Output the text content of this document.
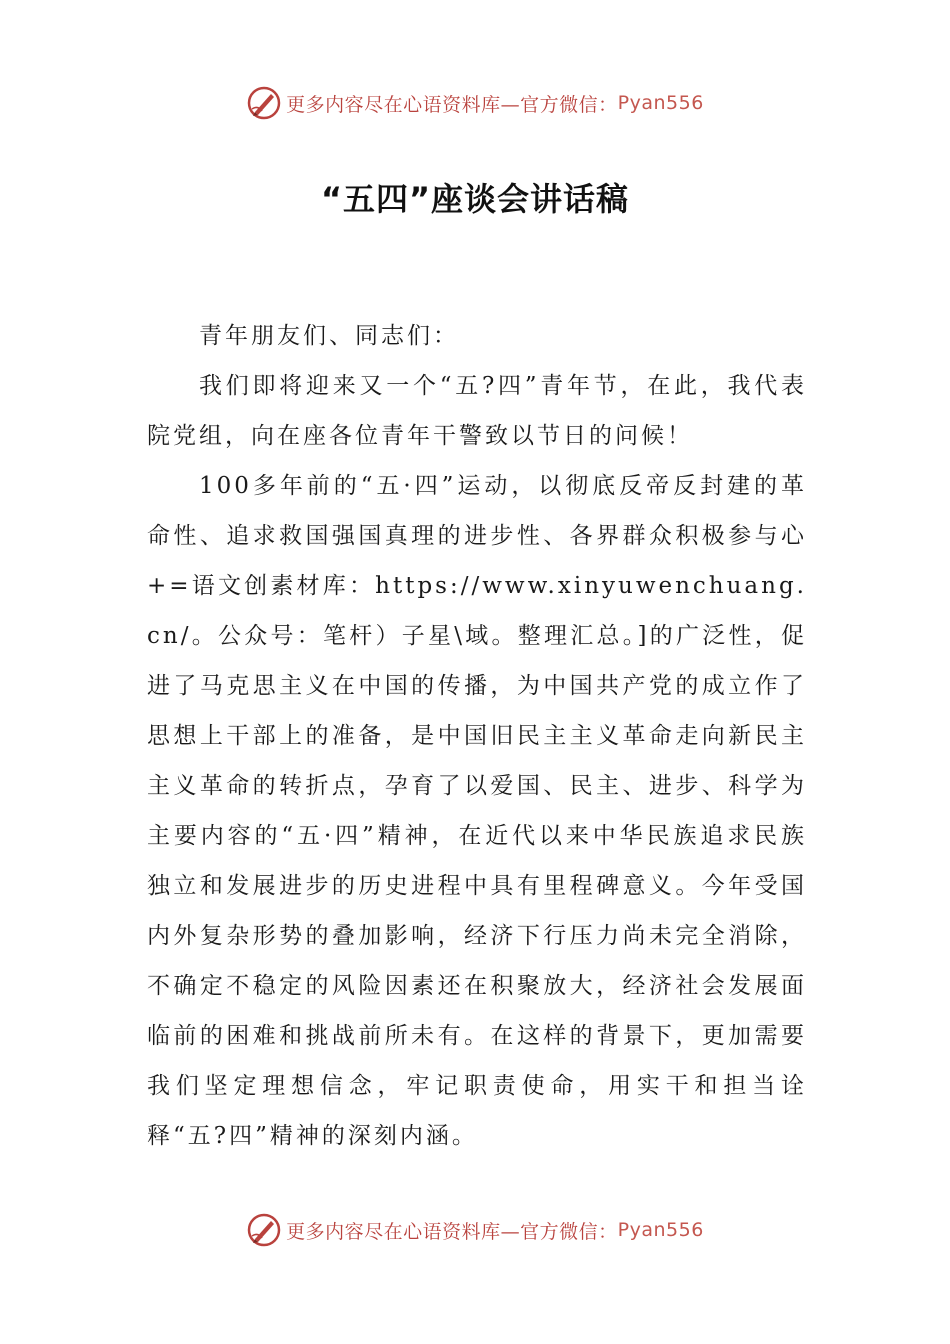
更多内容尽在心语资料库—官方微信： Pyan556
“五四”座谈会讲话稿

青年朋友们、同志们：

我们即将迎来又一个“五?四”青年节，在此，我代表院党组，向在座各位青年干警致以节日的问候！

100多年前的“五·四”运动，以彻底反帝反封建的革命性、追求救国强国真理的进步性、各界群众积极参与心+=语文创素材库：https://www.xinyuwenchuang.cn/。公众号：笔杆）子星\域。整理汇总。]的广泛性，促进了马克思主义在中国的传播，为中国共产党的成立作了思想上干部上的准备，是中国旧民主主义革命走向新民主主义革命的转折点，孕育了以爱国、民主、进步、科学为主要内容的“五·四”精神，在近代以来中华民族追求民族独立和发展进步的历史进程中具有里程碑意义。今年受国内外复杂形势的叠加影响，经济下行压力尚未完全消除，不确定不稳定的风险因素还在积聚放大，经济社会发展面临前的困难和挑战前所未有。在这样的背景下，更加需要我们坚定理想信念，牢记职责使命，用实干和担当诠释“五?四”精神的深刻内涵。

更多内容尽在心语资料库—官方微信： Pyan556
